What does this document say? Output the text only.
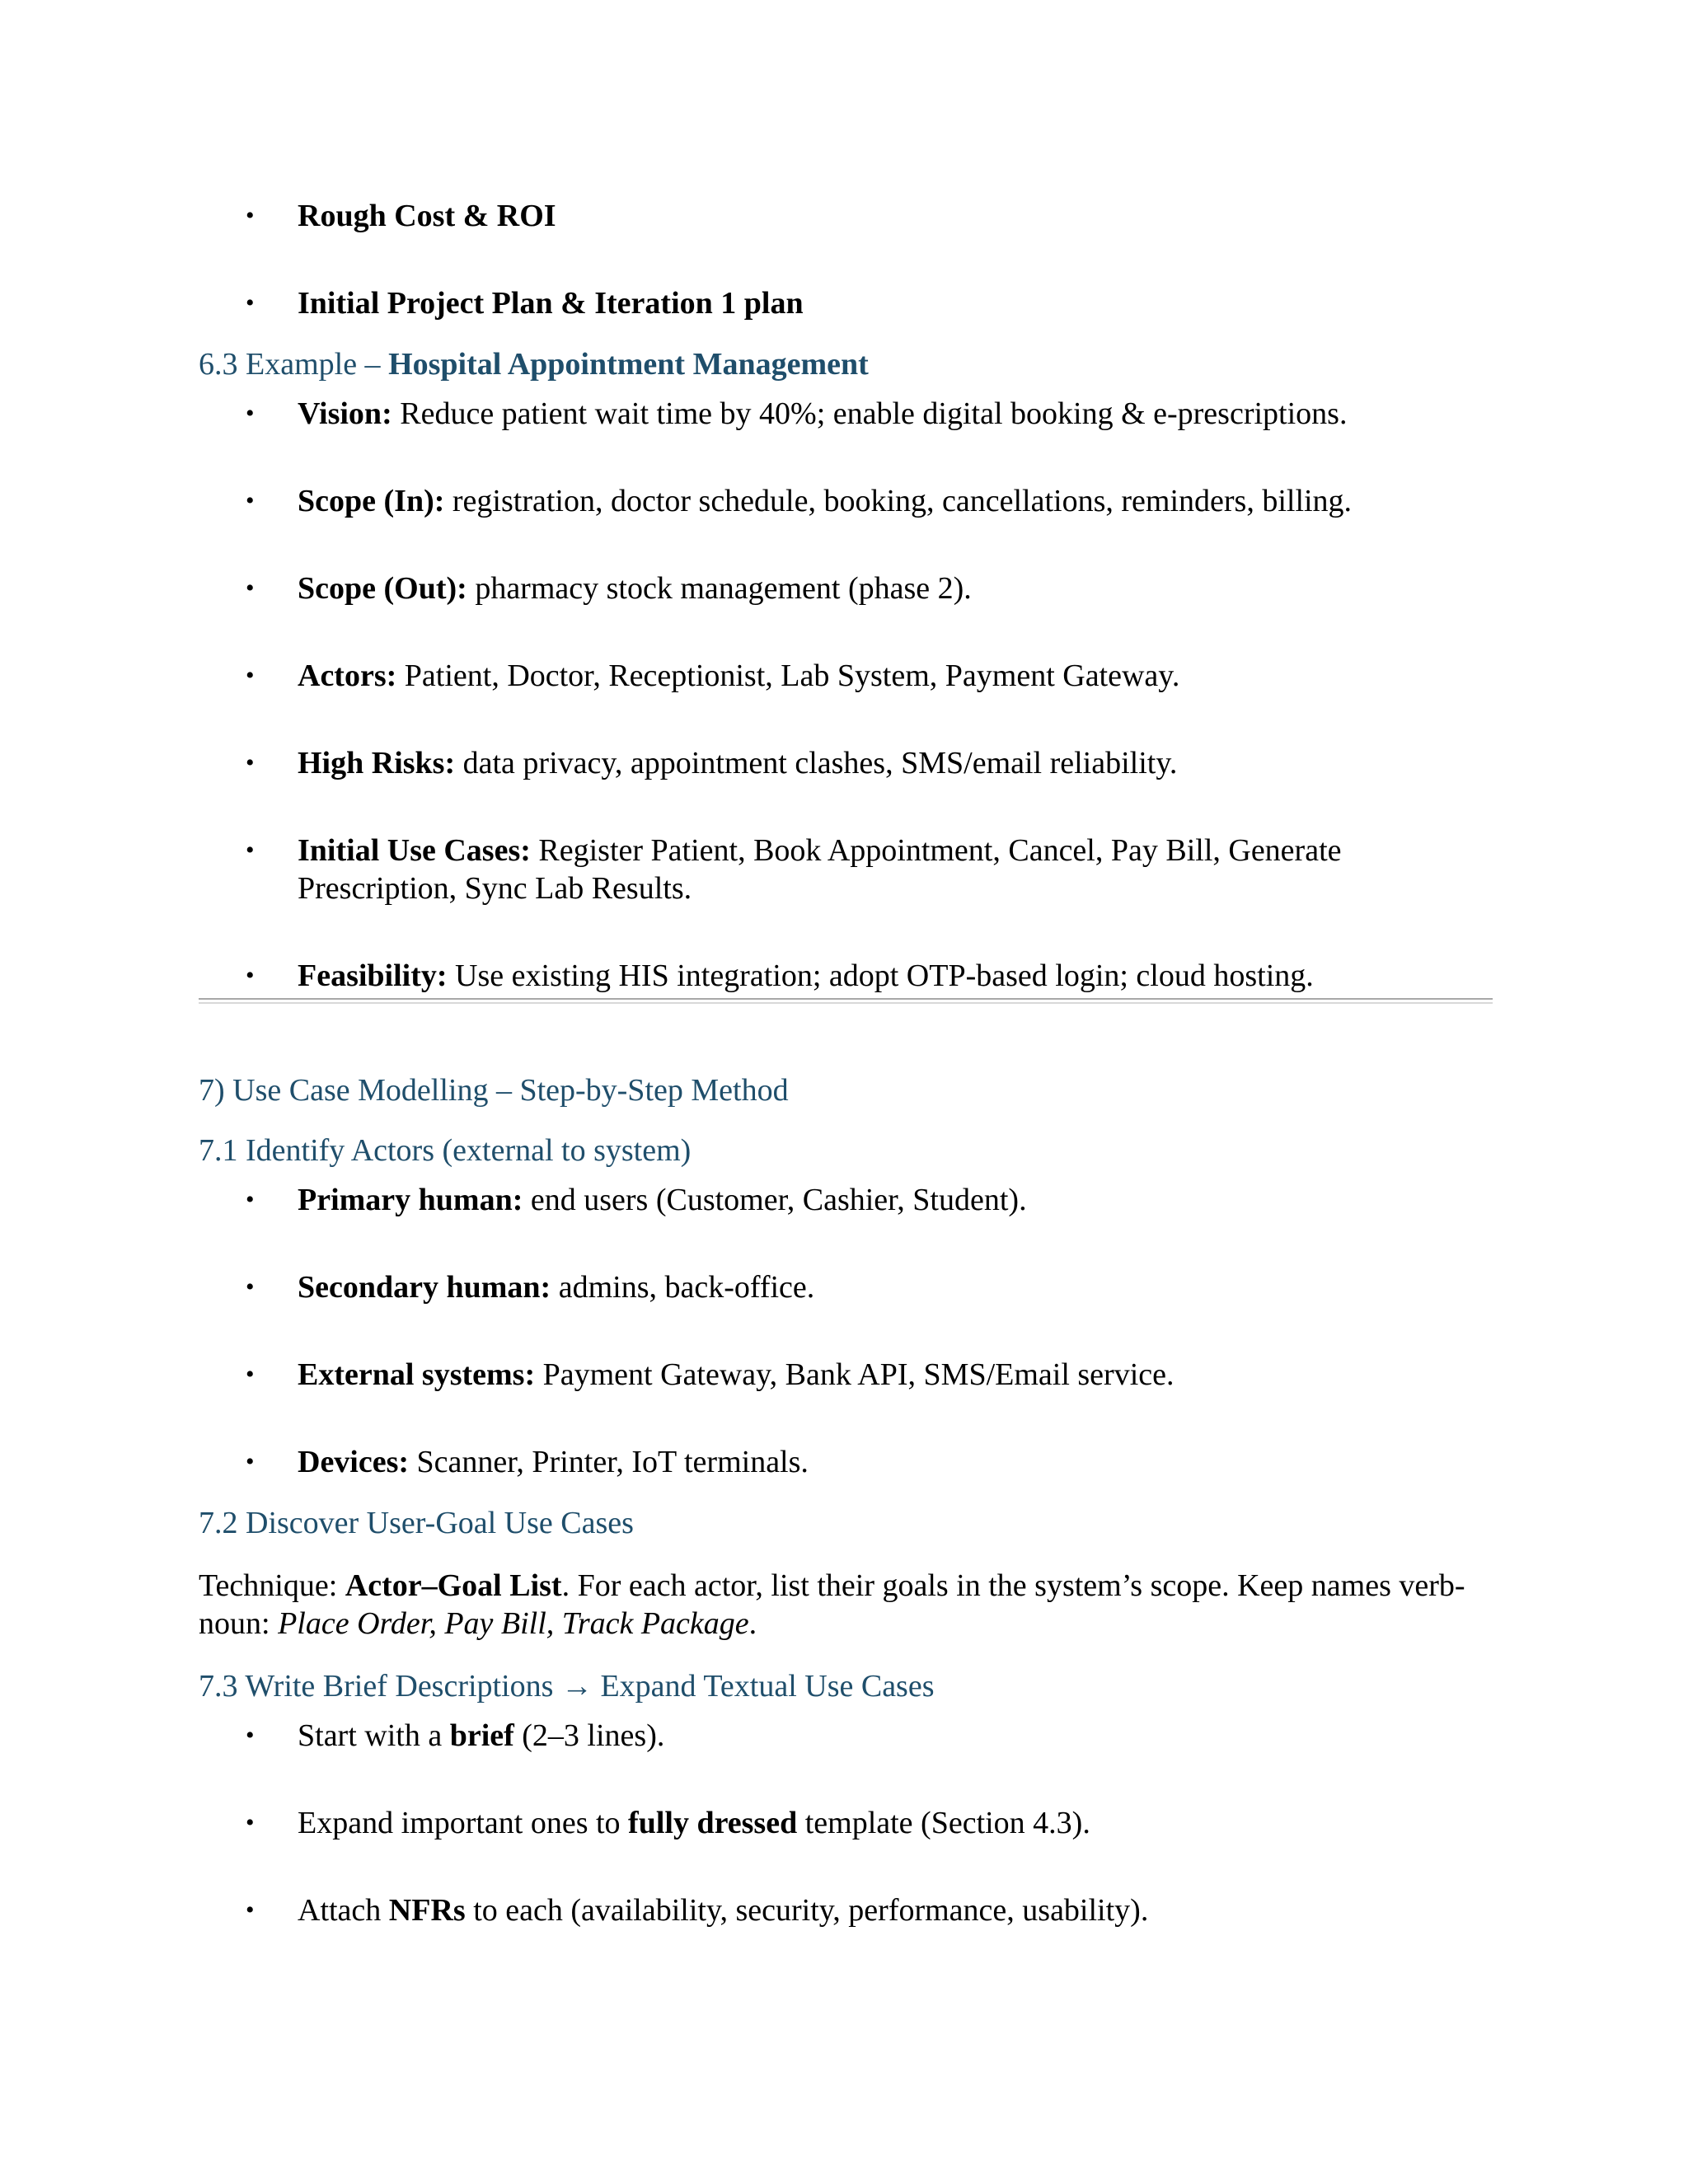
• Rough Cost & ROI
• Initial Project Plan & Iteration 1 plan
6.3 Example – Hospital Appointment Management
• Vision: Reduce patient wait time by 40%; enable digital booking & e-prescriptions.
• Scope (In): registration, doctor schedule, booking, cancellations, reminders, billing.
• Scope (Out): pharmacy stock management (phase 2).
• Actors: Patient, Doctor, Receptionist, Lab System, Payment Gateway.
• High Risks: data privacy, appointment clashes, SMS/email reliability.
• Initial Use Cases: Register Patient, Book Appointment, Cancel, Pay Bill, Generate Prescription, Sync Lab Results.
• Feasibility: Use existing HIS integration; adopt OTP-based login; cloud hosting.
7) Use Case Modelling – Step-by-Step Method
7.1 Identify Actors (external to system)
• Primary human: end users (Customer, Cashier, Student).
• Secondary human: admins, back-office.
• External systems: Payment Gateway, Bank API, SMS/Email service.
• Devices: Scanner, Printer, IoT terminals.
7.2 Discover User-Goal Use Cases
Technique: Actor–Goal List. For each actor, list their goals in the system’s scope. Keep names verb-noun: Place Order, Pay Bill, Track Package.
7.3 Write Brief Descriptions → Expand Textual Use Cases
• Start with a brief (2–3 lines).
• Expand important ones to fully dressed template (Section 4.3).
• Attach NFRs to each (availability, security, performance, usability).
